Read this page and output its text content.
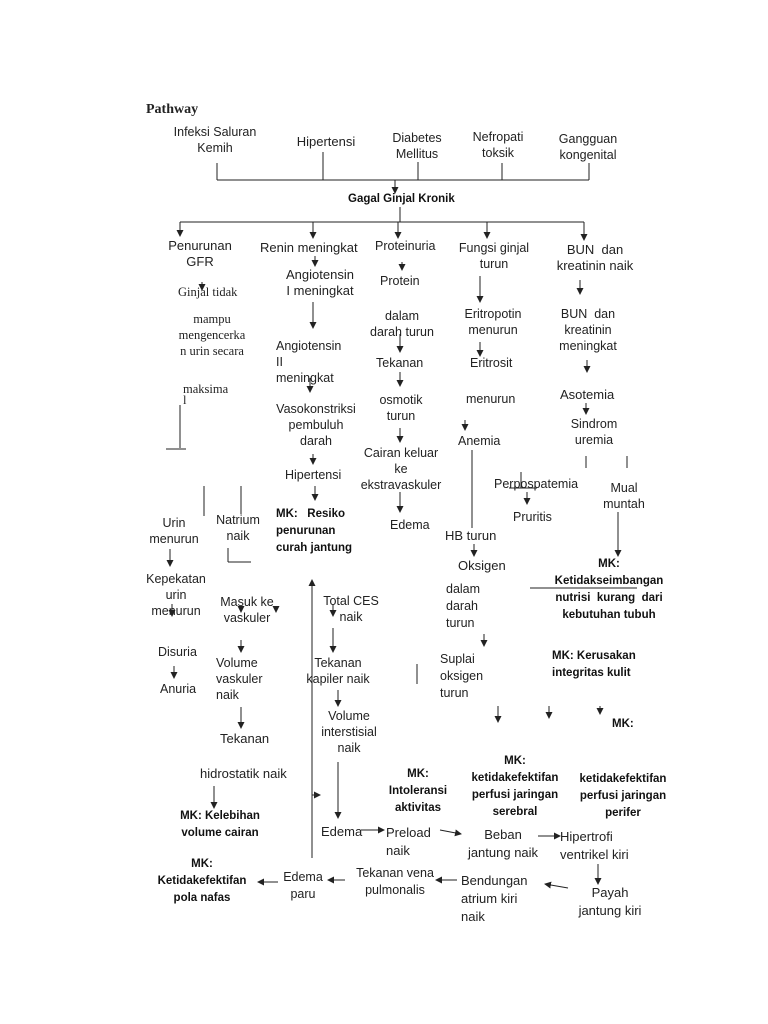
Pathway
Infeksi Saluran
Kemih	Hipertensi	Diabetes
Mellitus
Nefropati
toksik
Gangguan
kongenital
Gagal Ginjal Kronik
Penurunan
GFR
Ginjal tidak
mampu
mengencerka
n urin secara
maksima
l
Urin
menurun
Kepekatan
urin
menurun
Disuria
Anuria
Renin meningkat
Angiotensin
I meningkat
Angiotensin
II
meningkat
Vasokonstriksi
pembuluh
darah
Hipertensi
MK:   Resiko
penurunan
curah jantung
Natrium
naik
Masuk ke
vaskuler
Volume
vaskuler
naik
Tekanan
hidrostatik naik
MK: Kelebihan
volume cairan
Proteinuria
Protein
dalam
darah turun
Tekanan
osmotik
turun
Cairan keluar
ke
ekstravaskuler
Edema
Total CES
naik
Tekanan
kapiler naik
Volume
interstisial
naik
MK:
Intoleransi
aktivitas
Fungsi ginjal
turun
Eritropotin
menurun
Eritrosit
menurun
Anemia
HB turun
Oksigen
dalam
darah
turun
Suplai
oksigen
turun
MK:
ketidakefektifan
perfusi jaringan
serebral
BUN  dan
kreatinin naik
BUN  dan
kreatinin
meningkat
Asotemia
Sindrom
uremia
Perpospatemia
Pruritis
Mual
muntah
MK:
Ketidakseimbangan
nutrisi  kurang  dari
kebutuhan tubuh
MK: Kerusakan
integritas kulit
MK:
ketidakefektifan
perfusi jaringan
perifer
Edema Preload
naik
Beban
jantung naik
Hipertrofi
ventrikel kiri
Payah
jantung kiri
Bendungan
atrium kiri
naik
Tekanan vena
pulmonalis
Edema
paru
MK:
Ketidakefektifan
pola nafas
